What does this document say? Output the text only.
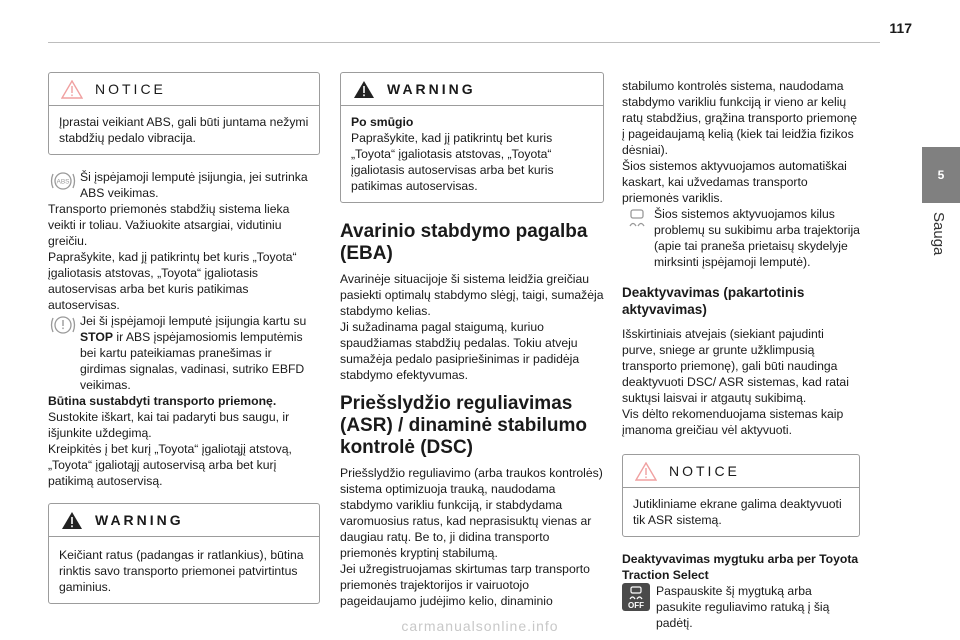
117
5
Sauga
NOTICE

Įprastai veikiant ABS, gali būti juntama nežymi stabdžių pedalo vibracija.

ABS Ši įspėjamoji lemputė įsijungia, jei sutrinka ABS veikimas.

Transporto priemonės stabdžių sistema lieka veikti ir toliau. Važiuokite atsargiai, vidutiniu greičiu.

Paprašykite, kad jį patikrintų bet kuris „Toyota“ įgaliotasis atstovas, „Toyota“ įgaliotasis autoservisas arba bet kuris patikimas autoservisas.

Jei ši įspėjamoji lemputė įsijungia kartu su STOP ir ABS įspėjamosiomis lemputėmis bei kartu pateikiamas pranešimas ir girdimas signalas, vadinasi, sutriko EBFD veikimas.

Būtina sustabdyti transporto priemonę.

Sustokite iškart, kai tai padaryti bus saugu, ir išjunkite uždegimą.

Kreipkitės į bet kurį „Toyota“ įgaliotąjį atstovą, „Toyota“ įgaliotąjį autoservisą arba bet kurį patikimą autoservisą.

WARNING

Keičiant ratus (padangas ir ratlankius), būtina rinktis savo transporto priemonei patvirtintus gaminius.

WARNING

Po smūgio

Paprašykite, kad jį patikrintų bet kuris „Toyota“ įgaliotasis atstovas, „Toyota“ įgaliotasis autoservisas arba bet kuris patikimas autoservisas.

Avarinio stabdymo pagalba (EBA)

Avarinėje situacijoje ši sistema leidžia greičiau pasiekti optimalų stabdymo slėgį, taigi, sumažėja stabdymo kelias.

Ji sužadinama pagal staigumą, kuriuo spaudžiamas stabdžių pedalas. Tokiu atveju sumažėja pedalo pasipriešinimas ir padidėja stabdymo efektyvumas.

Priešslydžio reguliavimas (ASR) / dinaminė stabilumo kontrolė (DSC)

Priešslydžio reguliavimo (arba traukos kontrolės) sistema optimizuoja trauką, naudodama stabdymo varikliu funkciją, ir stabdydama varomuosius ratus, kad neprasisuktų vienas ar daugiau ratų. Be to, ji didina transporto priemonės kryptinį stabilumą.

Jei užregistruojamas skirtumas tarp transporto priemonės trajektorijos ir vairuotojo pageidaujamo judėjimo kelio, dinaminio

stabilumo kontrolės sistema, naudodama stabdymo varikliu funkciją ir vieno ar kelių ratų stabdžius, grąžina transporto priemonę į pageidaujamą kelią (kiek tai leidžia fizikos dėsniai).

Šios sistemos aktyvuojamos automatiškai kaskart, kai užvedamas transporto priemonės variklis.

Šios sistemos aktyvuojamos kilus problemų su sukibimu arba trajektorija (apie tai praneša prietaisų skydelyje mirksinti įspėjamoji lemputė).

Deaktyvavimas (pakartotinis aktyvavimas)

Išskirtiniais atvejais (siekiant pajudinti purve, sniege ar grunte užklimpusią transporto priemonę), gali būti naudinga deaktyvuoti DSC/ ASR sistemas, kad ratai suktųsi laisvai ir atgautų sukibimą.

Vis dėlto rekomenduojama sistemas kaip įmanoma greičiau vėl aktyvuoti.

NOTICE

Jutikliniame ekrane galima deaktyvuoti tik ASR sistemą.

Deaktyvavimas mygtuku arba per Toyota Traction Select

OFF

Paspauskite šį mygtuką arba pasukite reguliavimo ratuką į šią padėtį.

carmanualsonline.info
